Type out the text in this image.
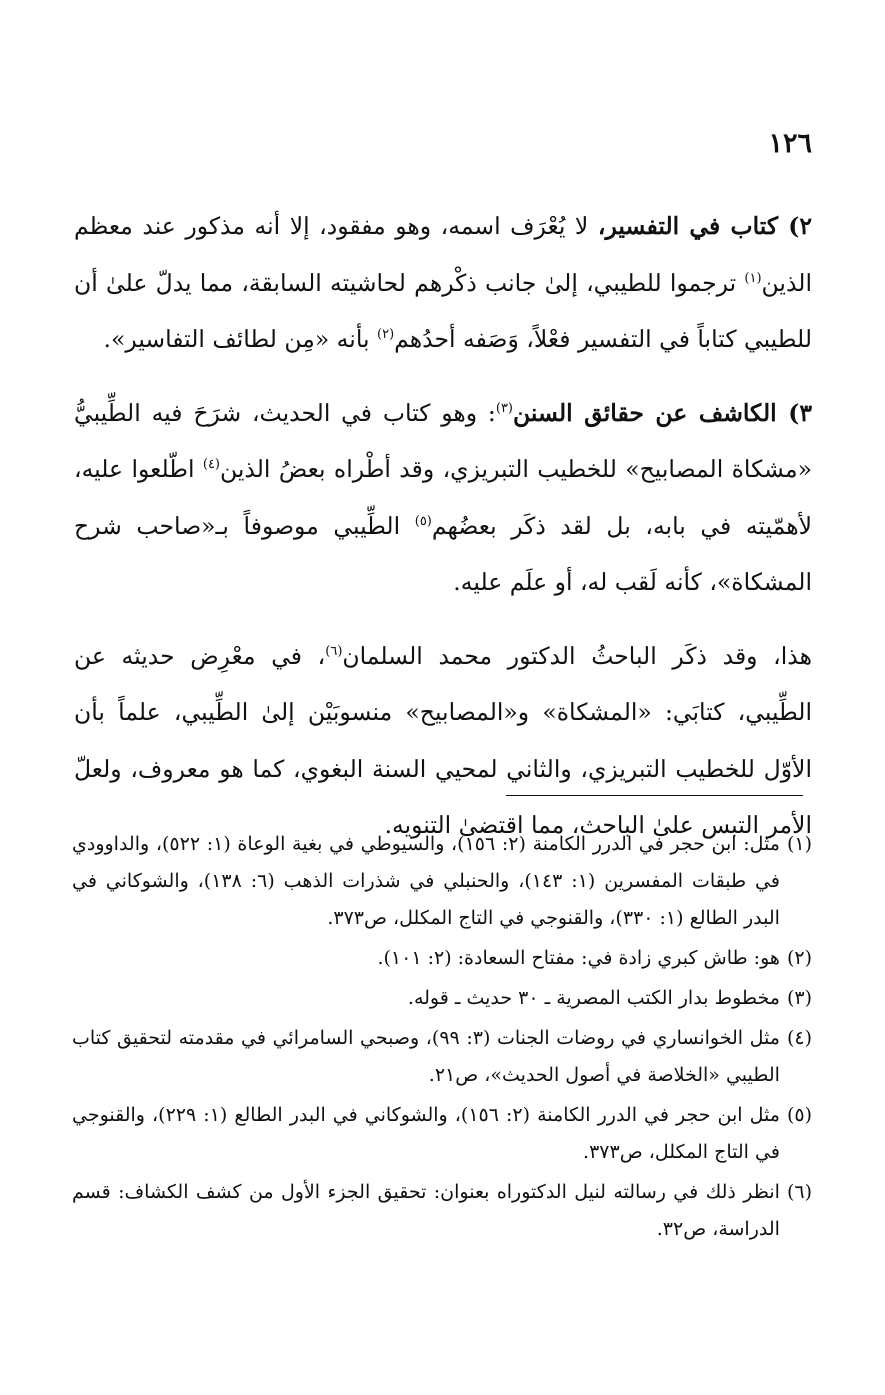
١٢٦

٢) كتاب في التفسير، لا يُعْرَف اسمه، وهو مفقود، إلا أنه مذكور عند معظم الذين$^{(١)}$ ترجموا للطيبي، إلىٰ جانب ذكْرهم لحاشيته السابقة، مما يدلّ علىٰ أن للطيبي كتاباً في التفسير فعْلاً، وَصَفه أحدُهم$^{(٢)}$ بأنه «مِن لطائف التفاسير».

٣) الكاشف عن حقائق السنن$^{(٣)}$: وهو كتاب في الحديث، شرَحَ فيه الطِّيبيُّ «مشكاة المصابيح» للخطيب التبريزي، وقد أطْراه بعضُ الذين$^{(٤)}$ اطّلعوا عليه، لأهمّيته في بابه، بل لقد ذكَر بعضُهم$^{(٥)}$ الطِّيبي موصوفاً بـ«صاحب شرح المشكاة»، كأنه لَقب له، أو علَم عليه.

هذا، وقد ذكَر الباحثُ الدكتور محمد السلمان$^{(٦)}$، في معْرِض حديثه عن الطِّيبي، كتابَي: «المشكاة» و«المصابيح» منسوبَيْن إلىٰ الطِّيبي، علماً بأن الأوّل للخطيب التبريزي، والثاني لمحيي السنة البغوي، كما هو معروف، ولعلّ الأمر التبس علىٰ الباحث، مما اقتضىٰ التنويه.

(١)
مثل: ابن حجر في الدرر الكامنة (٢: ١٥٦)، والسيوطي في بغية الوعاة (١: ٥٢٢)، والداوودي في طبقات المفسرين (١: ١٤٣)، والحنبلي في شذرات الذهب (٦: ١٣٨)، والشوكاني في البدر الطالع (١: ٣٣٠)، والقنوجي في التاج المكلل، ص٣٧٣.
(٢)
هو: طاش كبري زادة في: مفتاح السعادة: (٢: ١٠١).
(٣)
مخطوط بدار الكتب المصرية ـ ٣٠ حديث ـ قوله.
(٤)
مثل الخوانساري في روضات الجنات (٣: ٩٩)، وصبحي السامرائي في مقدمته لتحقيق كتاب الطيبي «الخلاصة في أصول الحديث»، ص٢١.
(٥)
مثل ابن حجر في الدرر الكامنة (٢: ١٥٦)، والشوكاني في البدر الطالع (١: ٢٢٩)، والقنوجي في التاج المكلل، ص٣٧٣.
(٦)
انظر ذلك في رسالته لنيل الدكتوراه بعنوان: تحقيق الجزء الأول من كشف الكشاف: قسم الدراسة، ص٣٢.
